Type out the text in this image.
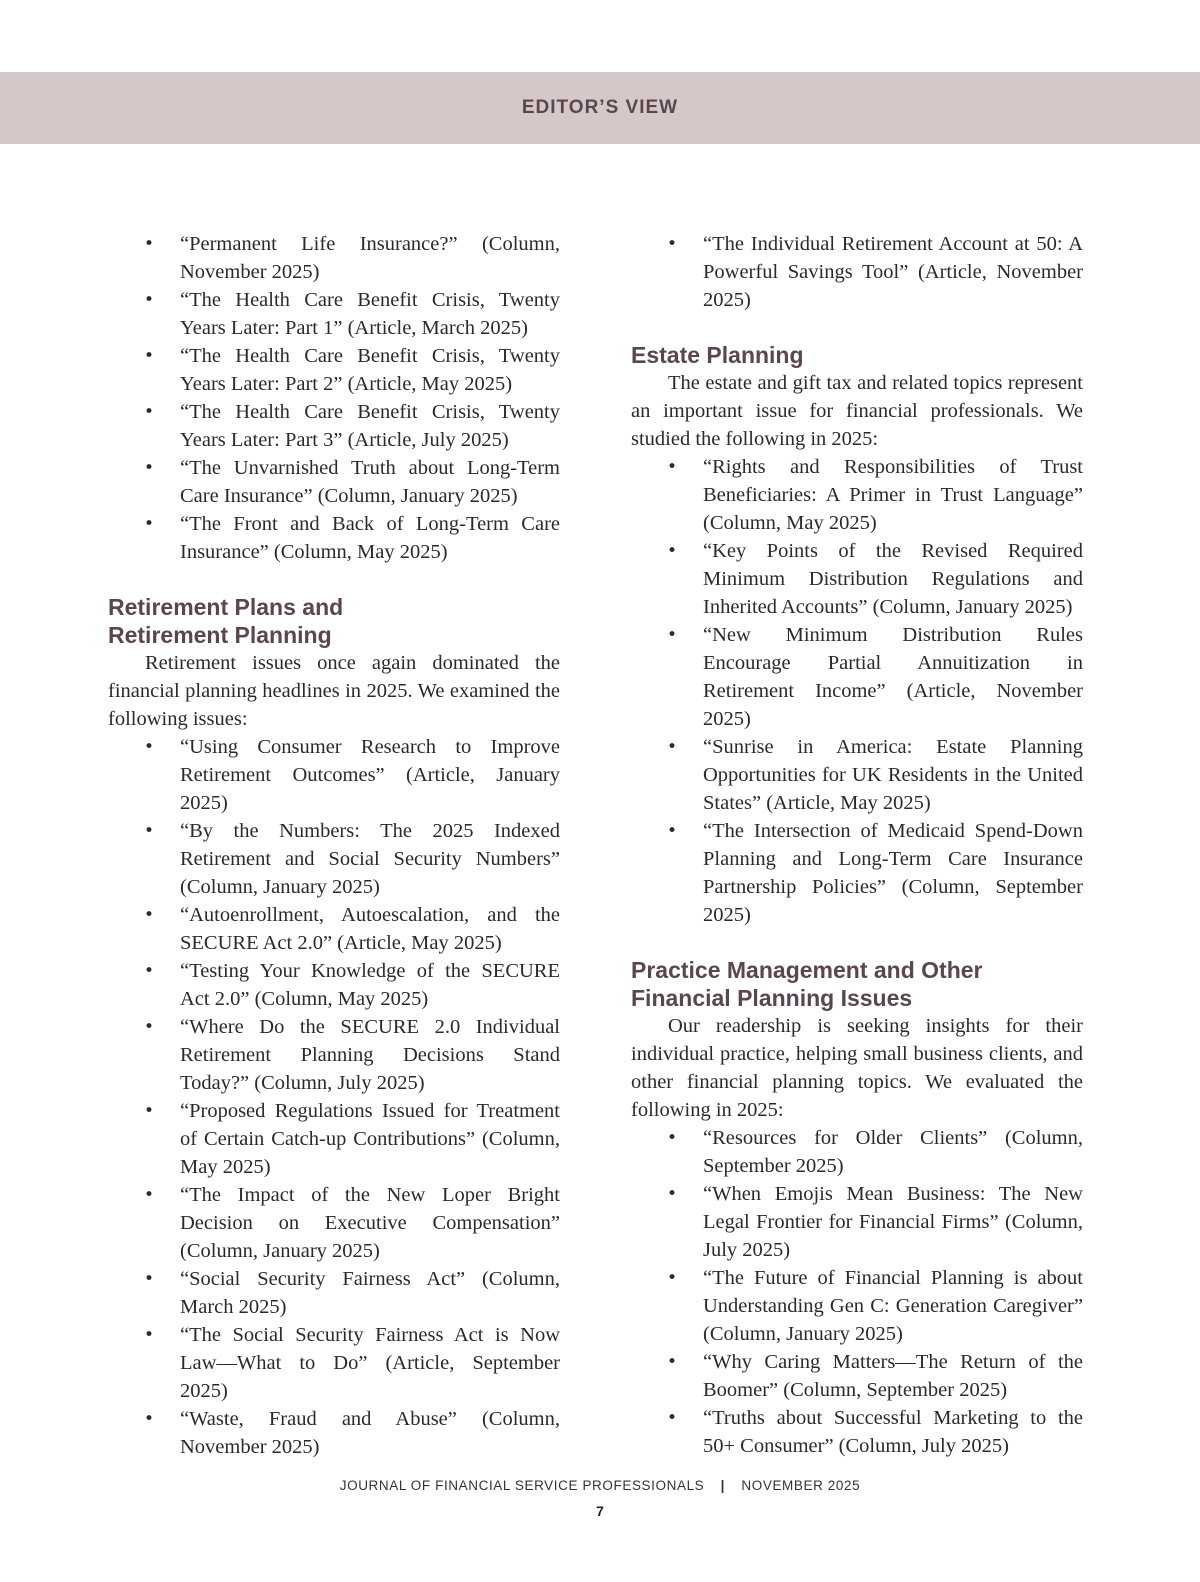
EDITOR’S VIEW
• “Permanent Life Insurance?” (Column, November 2025)
• “The Health Care Benefit Crisis, Twenty Years Later: Part 1” (Article, March 2025)
• “The Health Care Benefit Crisis, Twenty Years Later: Part 2” (Article, May 2025)
• “The Health Care Benefit Crisis, Twenty Years Later: Part 3” (Article, July 2025)
• “The Unvarnished Truth about Long-Term Care Insurance” (Column, January 2025)
• “The Front and Back of Long-Term Care Insurance” (Column, May 2025)
Retirement Plans and
Retirement Planning

Retirement issues once again dominated the financial planning headlines in 2025. We examined the following issues:

• “Using Consumer Research to Improve Retirement Outcomes” (Article, January 2025)
• “By the Numbers: The 2025 Indexed Retirement and Social Security Numbers” (Column, January 2025)
• “Autoenrollment, Autoescalation, and the SECURE Act 2.0” (Article, May 2025)
• “Testing Your Knowledge of the SECURE Act 2.0” (Column, May 2025)
• “Where Do the SECURE 2.0 Individual Retirement Planning Decisions Stand Today?” (Column, July 2025)
• “Proposed Regulations Issued for Treatment of Certain Catch-up Contributions” (Column, May 2025)
• “The Impact of the New Loper Bright Decision on Executive Compensation” (Column, January 2025)
• “Social Security Fairness Act” (Column, March 2025)
• “The Social Security Fairness Act is Now Law—What to Do” (Article, September 2025)
• “Waste, Fraud and Abuse” (Column, November 2025)
• “The Individual Retirement Account at 50: A Powerful Savings Tool” (Article, November 2025)
Estate Planning

The estate and gift tax and related topics represent an important issue for financial professionals. We studied the following in 2025:

• “Rights and Responsibilities of Trust Beneficiaries: A Primer in Trust Language” (Column, May 2025)
• “Key Points of the Revised Required Minimum Distribution Regulations and Inherited Accounts” (Column, January 2025)
• “New Minimum Distribution Rules Encourage Partial Annuitization in Retirement Income” (Article, November 2025)
• “Sunrise in America: Estate Planning Opportunities for UK Residents in the United States” (Article, May 2025)
• “The Intersection of Medicaid Spend-Down Planning and Long-Term Care Insurance Partnership Policies” (Column, September 2025)
Practice Management and Other
Financial Planning Issues

Our readership is seeking insights for their individual practice, helping small business clients, and other financial planning topics. We evaluated the following in 2025:

• “Resources for Older Clients” (Column, September 2025)
• “When Emojis Mean Business: The New Legal Frontier for Financial Firms” (Column, July 2025)
• “The Future of Financial Planning is about Understanding Gen C: Generation Caregiver” (Column, January 2025)
• “Why Caring Matters—The Return of the Boomer” (Column, September 2025)
• “Truths about Successful Marketing to the 50+ Consumer” (Column, July 2025)
JOURNAL OF FINANCIAL SERVICE PROFESSIONALS | NOVEMBER 2025
7
